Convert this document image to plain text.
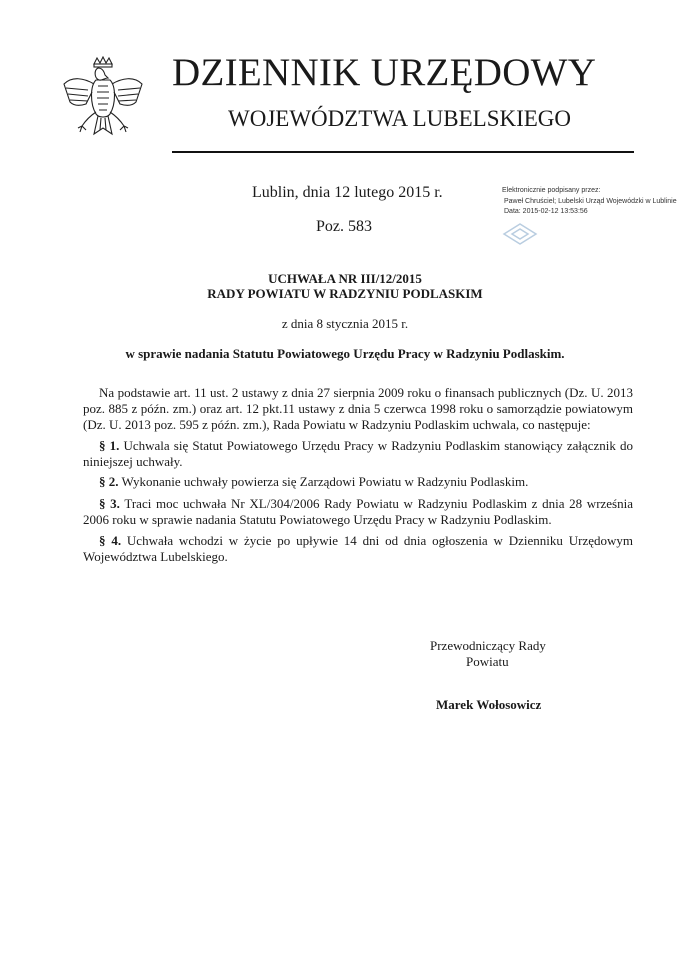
DZIENNIK URZĘDOWY
WOJEWÓDZTWA LUBELSKIEGO
Lublin, dnia 12 lutego 2015 r.
Poz. 583
Elektronicznie podpisany przez:
Paweł Chruściel; Lubelski Urząd Wojewódzki w Lublinie
Data: 2015-02-12 13:53:56
UCHWAŁA NR III/12/2015
RADY POWIATU W RADZYNIU PODLASKIM
z dnia 8 stycznia 2015 r.
w sprawie nadania Statutu Powiatowego Urzędu Pracy w Radzyniu Podlaskim.
Na podstawie art. 11 ust. 2 ustawy z dnia 27 sierpnia 2009 roku o finansach publicznych (Dz. U. 2013 poz. 885 z późn. zm.) oraz art. 12 pkt.11 ustawy z dnia 5 czerwca 1998 roku o samorządzie powiatowym (Dz. U. 2013 poz. 595 z późn. zm.), Rada Powiatu w Radzyniu Podlaskim uchwala, co następuje:
§ 1. Uchwala się Statut Powiatowego Urzędu Pracy w Radzyniu Podlaskim stanowiący załącznik do niniejszej uchwały.
§ 2. Wykonanie uchwały powierza się Zarządowi Powiatu w Radzyniu Podlaskim.
§ 3. Traci moc uchwała Nr XL/304/2006 Rady Powiatu w Radzyniu Podlaskim z dnia 28 września 2006 roku w sprawie nadania Statutu Powiatowego Urzędu Pracy w Radzyniu Podlaskim.
§ 4. Uchwała wchodzi w życie po upływie 14 dni od dnia ogłoszenia w Dzienniku Urzędowym Województwa Lubelskiego.
Przewodniczący Rady
Powiatu
Marek Wołosowicz
